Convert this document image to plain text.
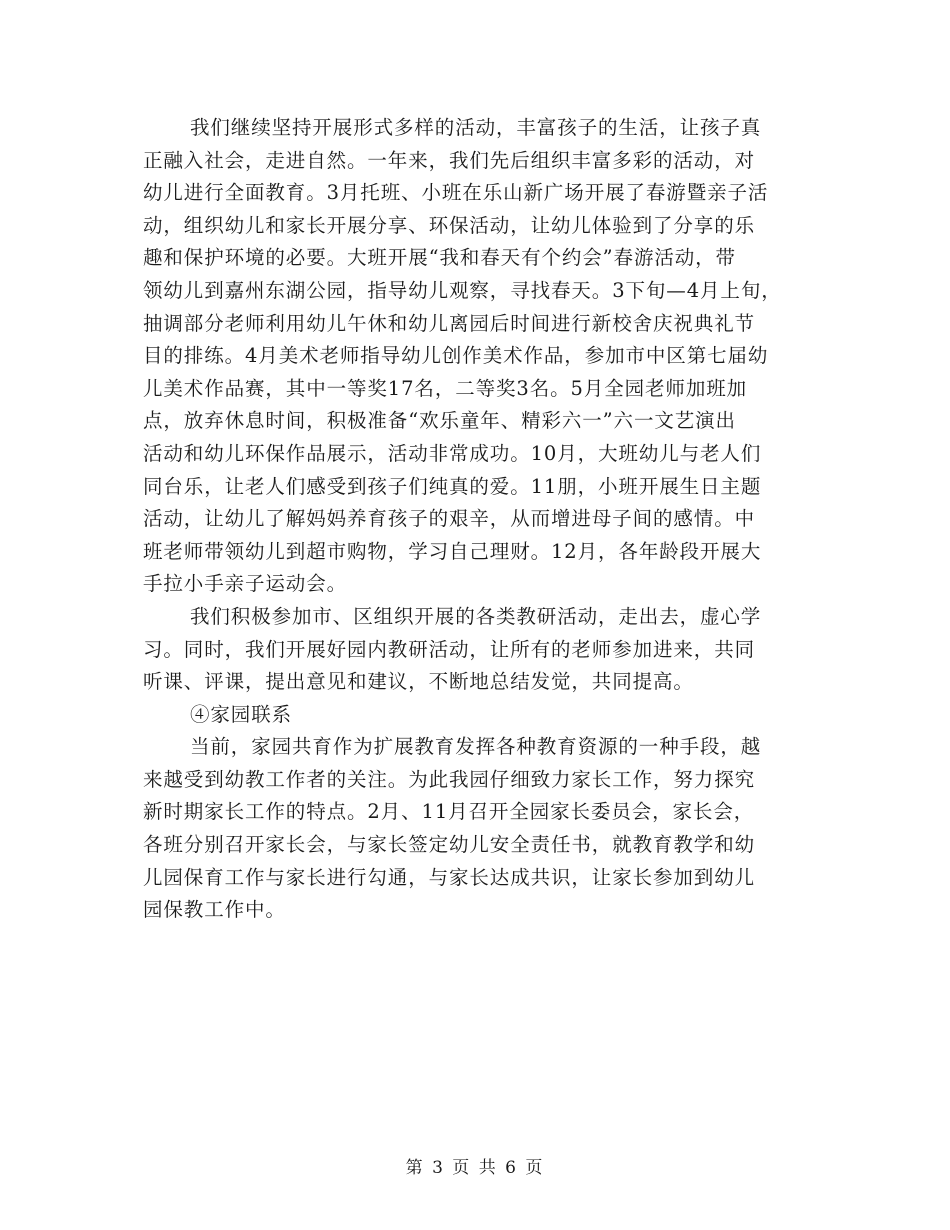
我们继续坚持开展形式多样的活动，丰富孩子的生活，让孩子真
正融入社会，走进自然。一年来，我们先后组织丰富多彩的活动，对
幼儿进行全面教育。3月托班、小班在乐山新广场开展了春游暨亲子活
动，组织幼儿和家长开展分享、环保活动，让幼儿体验到了分享的乐
趣和保护环境的必要。大班开展“我和春天有个约会”春游活动，带
领幼儿到嘉州东湖公园，指导幼儿观察，寻找春天。3下旬—4月上旬，
抽调部分老师利用幼儿午休和幼儿离园后时间进行新校舍庆祝典礼节
目的排练。4月美术老师指导幼儿创作美术作品，参加市中区第七届幼
儿美术作品赛，其中一等奖17名，二等奖3名。5月全园老师加班加
点，放弃休息时间，积极准备“欢乐童年、精彩六一”六一文艺演出
活动和幼儿环保作品展示，活动非常成功。10月，大班幼儿与老人们
同台乐，让老人们感受到孩子们纯真的爱。11朋，小班开展生日主题
活动，让幼儿了解妈妈养育孩子的艰辛，从而增进母子间的感情。中
班老师带领幼儿到超市购物，学习自己理财。12月，各年龄段开展大
手拉小手亲子运动会。
我们积极参加市、区组织开展的各类教研活动，走出去，虚心学
习。同时，我们开展好园内教研活动，让所有的老师参加进来，共同
听课、评课，提出意见和建议，不断地总结发觉，共同提高。
④家园联系
当前，家园共育作为扩展教育发挥各种教育资源的一种手段，越
来越受到幼教工作者的关注。为此我园仔细致力家长工作，努力探究
新时期家长工作的特点。2月、11月召开全园家长委员会，家长会，
各班分别召开家长会，与家长签定幼儿安全责任书，就教育教学和幼
儿园保育工作与家长进行勾通，与家长达成共识，让家长参加到幼儿
园保教工作中。
第 3 页 共 6 页
